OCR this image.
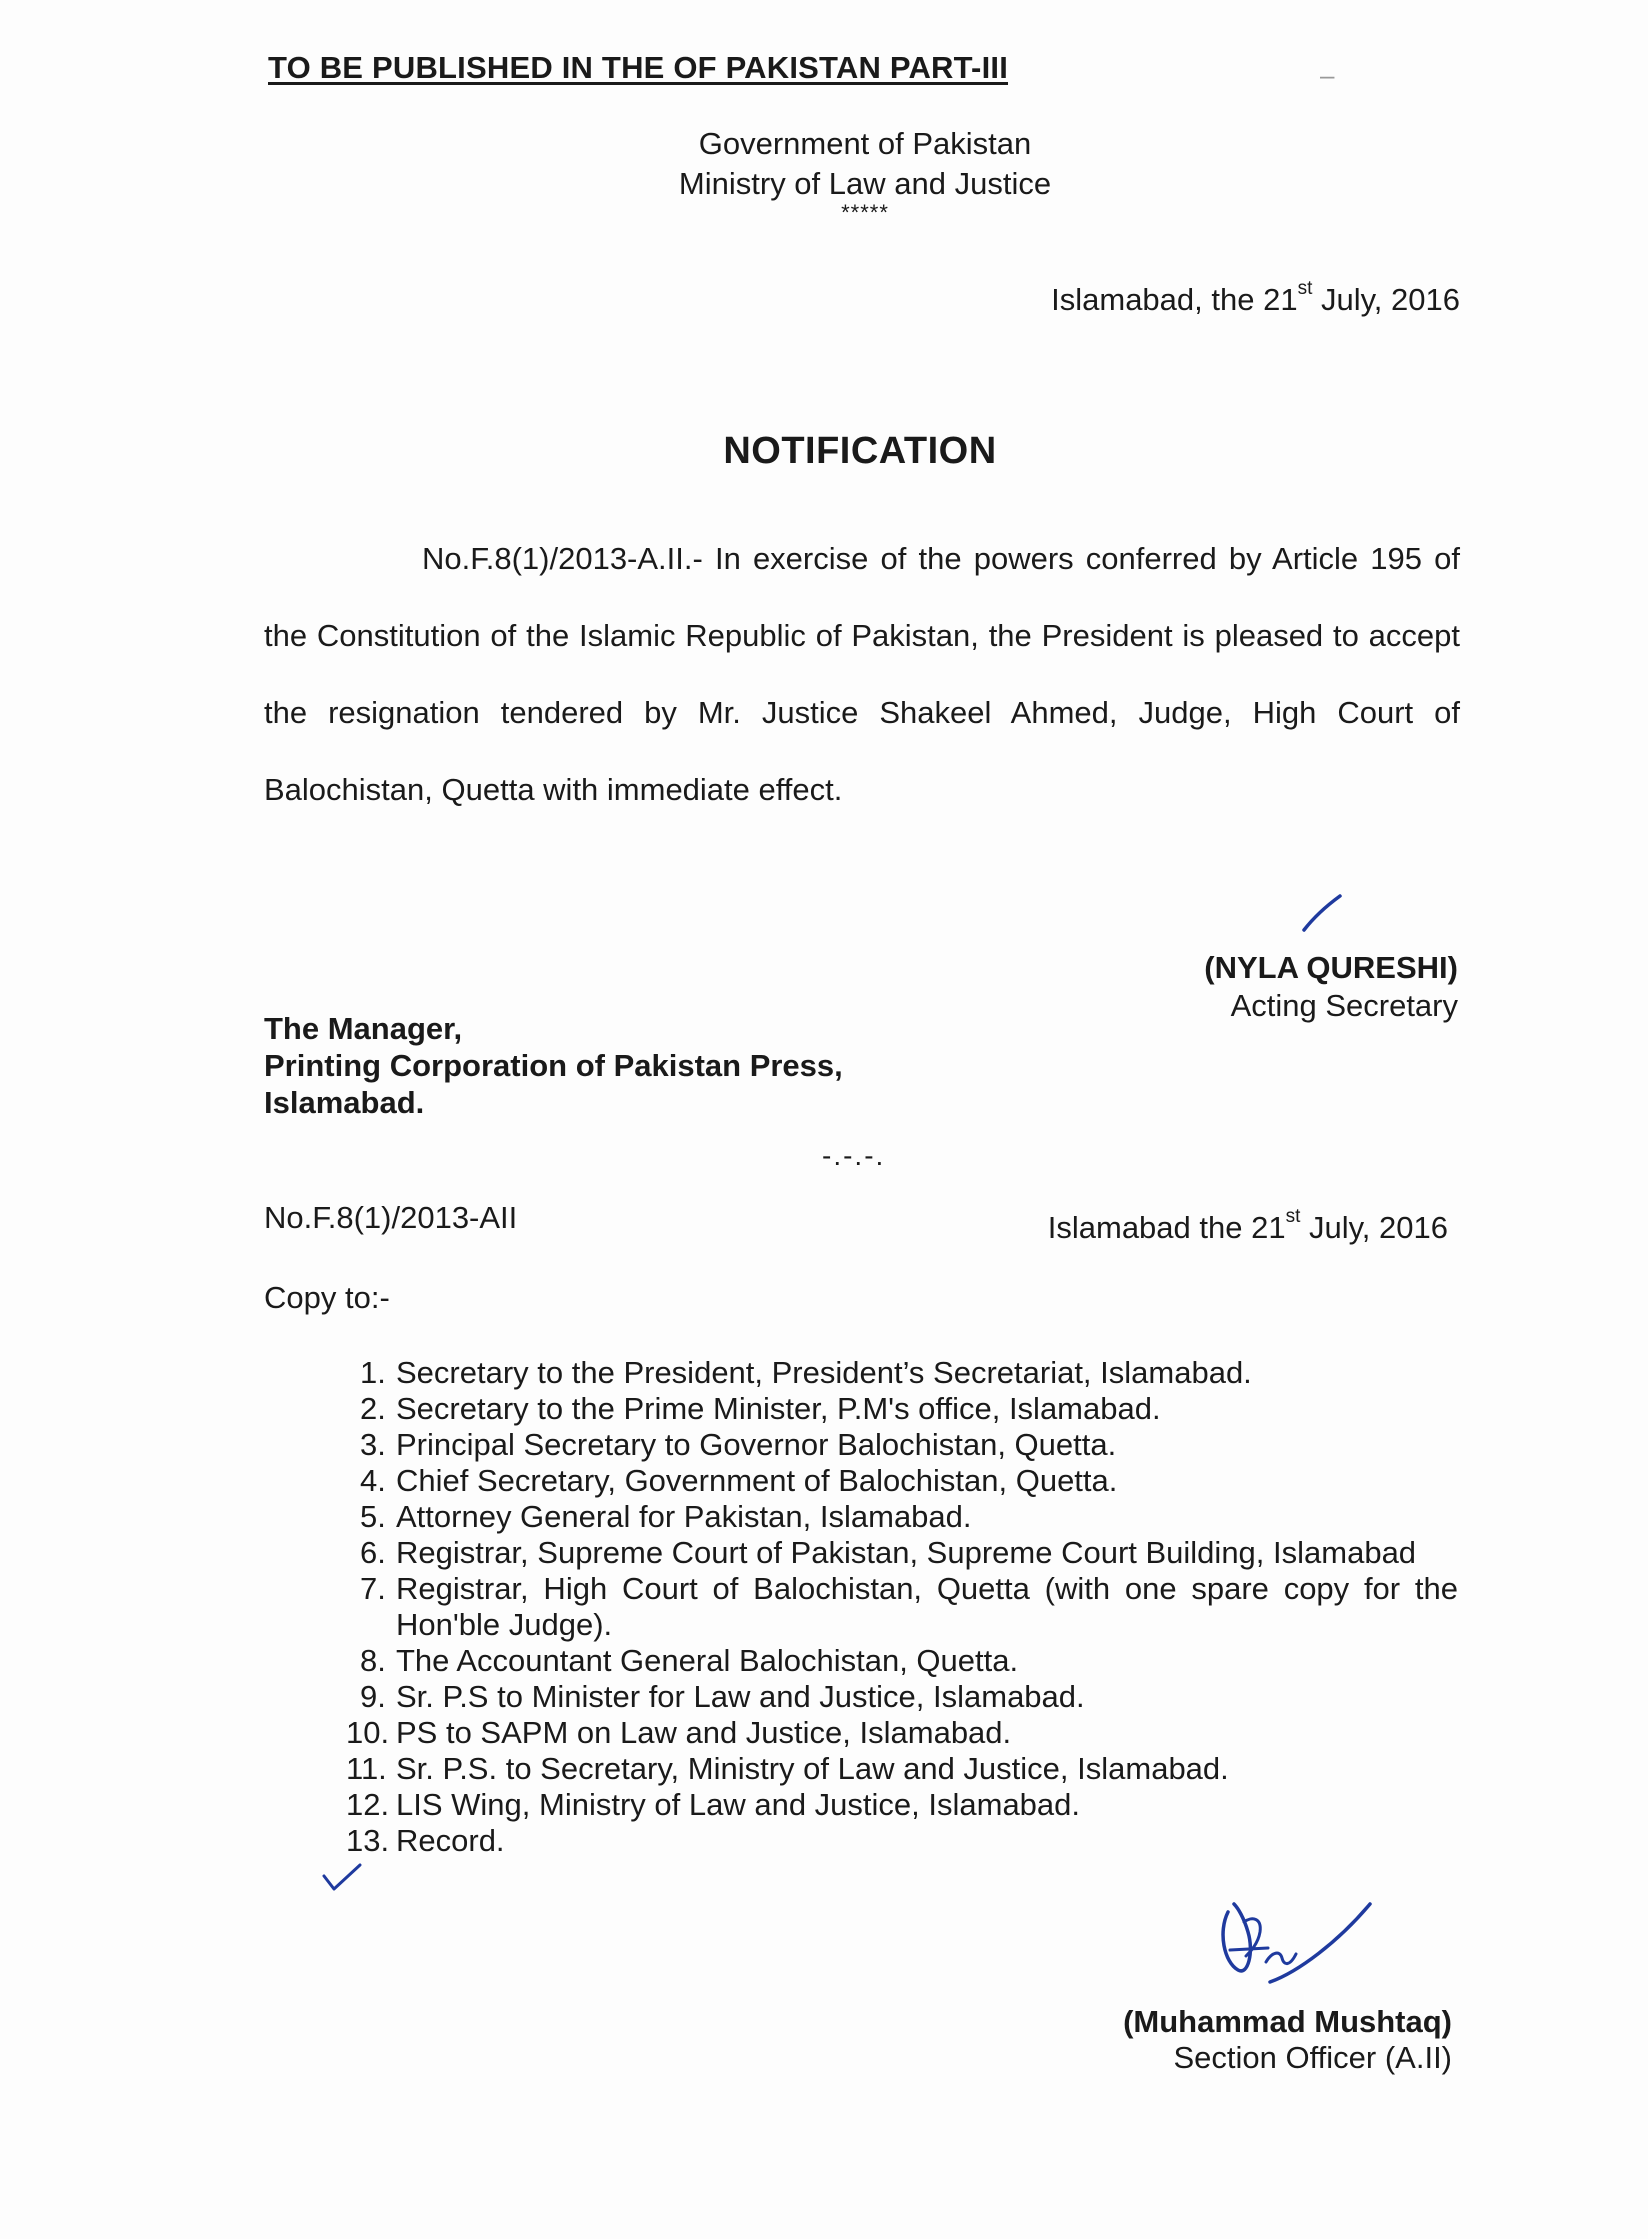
TO BE PUBLISHED IN THE OF PAKISTAN PART-III	–
Government of Pakistan
Ministry of Law and Justice
*****
Islamabad, the 21st July, 2016
NOTIFICATION
No.F.8(1)/2013-A.II.- In exercise of the powers conferred by Article 195 of the Constitution of the Islamic Republic of Pakistan, the President is pleased to accept the resignation tendered by Mr. Justice Shakeel Ahmed, Judge, High Court of Balochistan, Quetta with immediate effect.
(NYLA QURESHI)
Acting Secretary
The Manager,
Printing Corporation of Pakistan Press,
Islamabad.
-.-.-.
No.F.8(1)/2013-AII	Islamabad the 21st July, 2016
Copy to:-
1. Secretary to the President, President’s Secretariat, Islamabad.
2. Secretary to the Prime Minister, P.M's office, Islamabad.
3. Principal Secretary to Governor Balochistan, Quetta.
4. Chief Secretary, Government of Balochistan, Quetta.
5. Attorney General for Pakistan, Islamabad.
6. Registrar, Supreme Court of Pakistan, Supreme Court Building, Islamabad
7. Registrar, High Court of Balochistan, Quetta (with one spare copy for the Hon'ble Judge).
8. The Accountant General Balochistan, Quetta.
9. Sr. P.S to Minister for Law and Justice, Islamabad.
10. PS to SAPM on Law and Justice, Islamabad.
11. Sr. P.S. to Secretary, Ministry of Law and Justice, Islamabad.
12. LIS Wing, Ministry of Law and Justice, Islamabad.
13. Record.
(Muhammad Mushtaq)
Section Officer (A.II)
